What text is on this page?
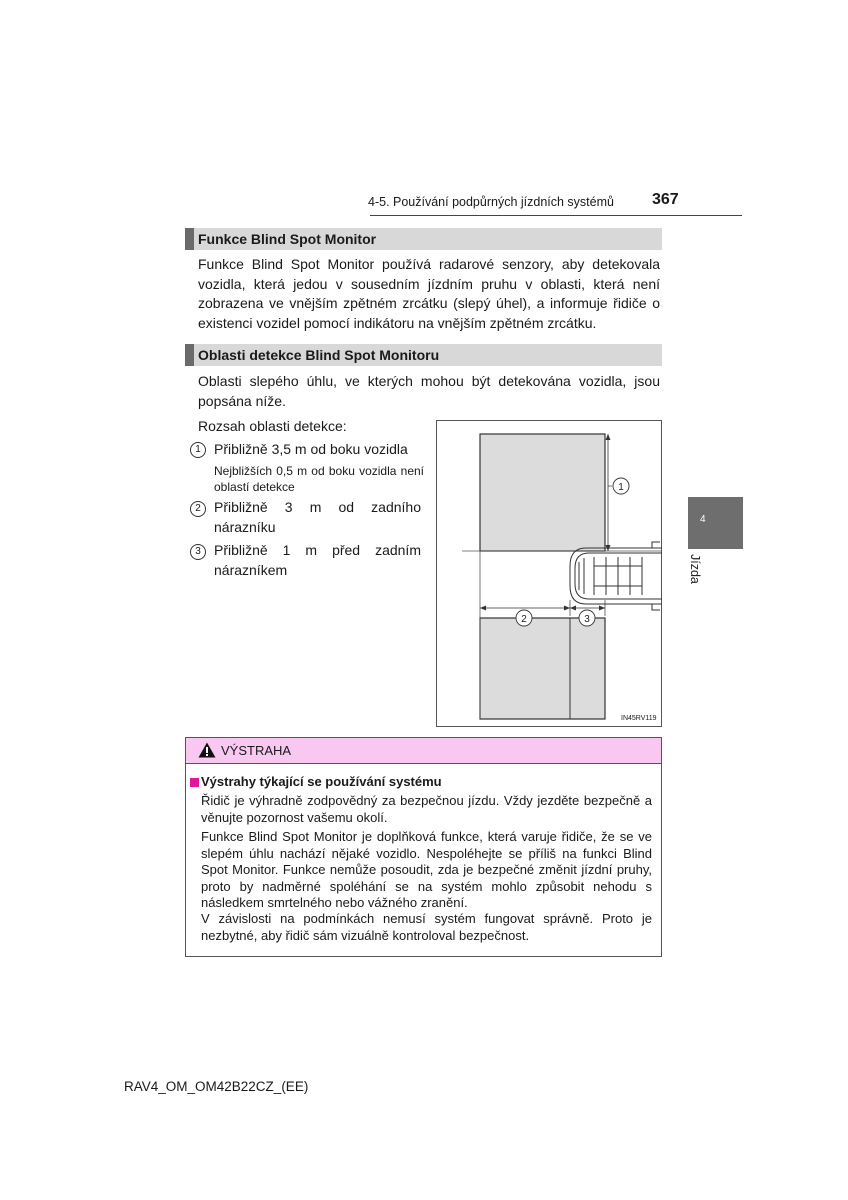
4-5. Používání podpůrných jízdních systémů 367
4
Jízda
Funkce Blind Spot Monitor

Funkce Blind Spot Monitor používá radarové senzory, aby detekovala vozidla, která jedou v sousedním jízdním pruhu v oblasti, která není zobrazena ve vnějším zpětném zrcátku (slepý úhel), a informuje řidiče o existenci vozidel pomocí indikátoru na vnějším zpětném zrcátku.

Oblasti detekce Blind Spot Monitoru

Oblasti slepého úhlu, ve kterých mohou být detekována vozidla, jsou popsána níže.

Rozsah oblasti detekce:

1 Přibližně 3,5 m od boku vozidla

Nejbližších 0,5 m od boku vozidla není oblastí detekce

2 Přibližně 3 m od zadního nárazníku

3 Přibližně 1 m před zadním nárazníkem

1
2	3
IN45RV119
VÝSTRAHA
Výstrahy týkající se používání systému

Řidič je výhradně zodpovědný za bezpečnou jízdu. Vždy jezděte bezpečně a věnujte pozornost vašemu okolí.

Funkce Blind Spot Monitor je doplňková funkce, která varuje řidiče, že se ve slepém úhlu nachází nějaké vozidlo. Nespoléhejte se příliš na funkci Blind Spot Monitor. Funkce nemůže posoudit, zda je bezpečné změnit jízdní pruhy, proto by nadměrné spoléhání se na systém mohlo způsobit nehodu s následkem smrtelného nebo vážného zranění.

V závislosti na podmínkách nemusí systém fungovat správně. Proto je nezbytné, aby řidič sám vizuálně kontroloval bezpečnost.

RAV4_OM_OM42B22CZ_(EE)
